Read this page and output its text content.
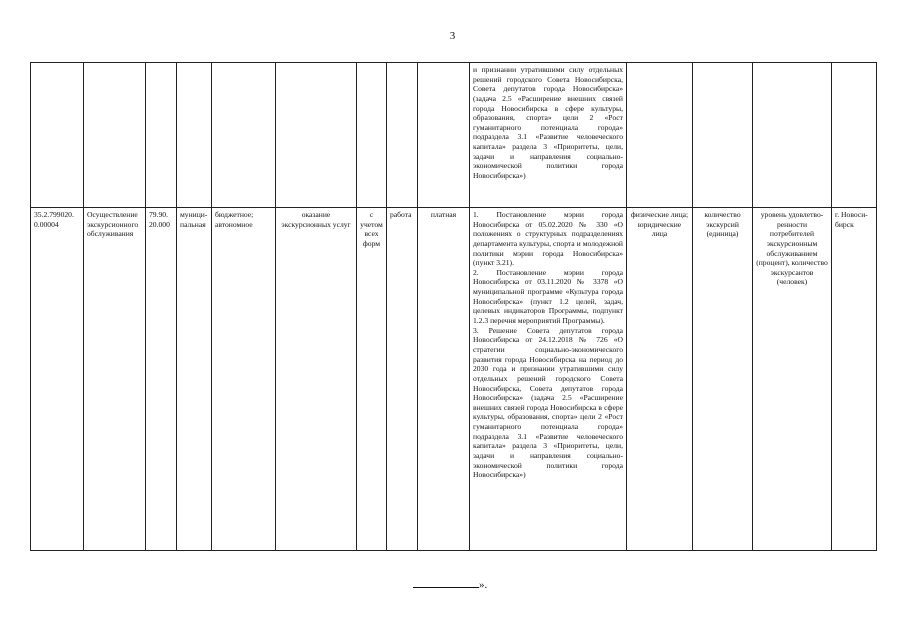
3
									и признании утратившими силу отдельных решений городского Совета Новосибирска, Совета депутатов города Новосибирска» (задача 2.5 «Расширение внешних связей города Новосибирска в сфере культуры, образования, спорта» цели 2 «Рост гуманитарного потенциала города» подраздела 3.1 «Развитие человеческого капитала» раздела 3 «Приоритеты, цели, задачи и направления социально-экономической политики города Новосибирска»)					
35.2.799020. 0.00004	Осуществление экскурсионного обслуживания	79.90. 20.000	муници-пальная	бюджетное; автономное	оказание экскурсионных услуг	с учетом всех форм	работа	платная	1. Постановление мэрии города Новосибирска от 05.02.2020 № 330 «О положениях о структурных подразделениях департамента культуры, спорта и молодежной политики мэрии города Новосибирска» (пункт 3.21).

2. Постановление мэрии города Новосибирска от 03.11.2020 № 3378 «О муниципальной программе «Культура города Новосибирска» (пункт 1.2 целей, задач, целевых индикаторов Программы, подпункт 1.2.3 перечня мероприятий Программы).

3. Решение Совета депутатов города Новосибирска от 24.12.2018 № 726 «О стратегии социально-экономического развития города Новосибирска на период до 2030 года и признании утратившими силу отдельных решений городского Совета Новосибирска, Совета депутатов города Новосибирска» (задача 2.5 «Расширение внешних связей города Новосибирска в сфере культуры, образования, спорта» цели 2 «Рост гуманитарного потенциала города» подраздела 3.1 «Развитие человеческого капитала» раздела 3 «Приоритеты, цели, задачи и направления социально-экономической политики города Новосибирска»)	физические лица; юридические лица	количество экскурсий (единица)	уровень удовлетво-ренности потребителей экскурсионным обслуживанием (процент), количество экскурсантов (человек)	г. Новоси-бирск	
».
